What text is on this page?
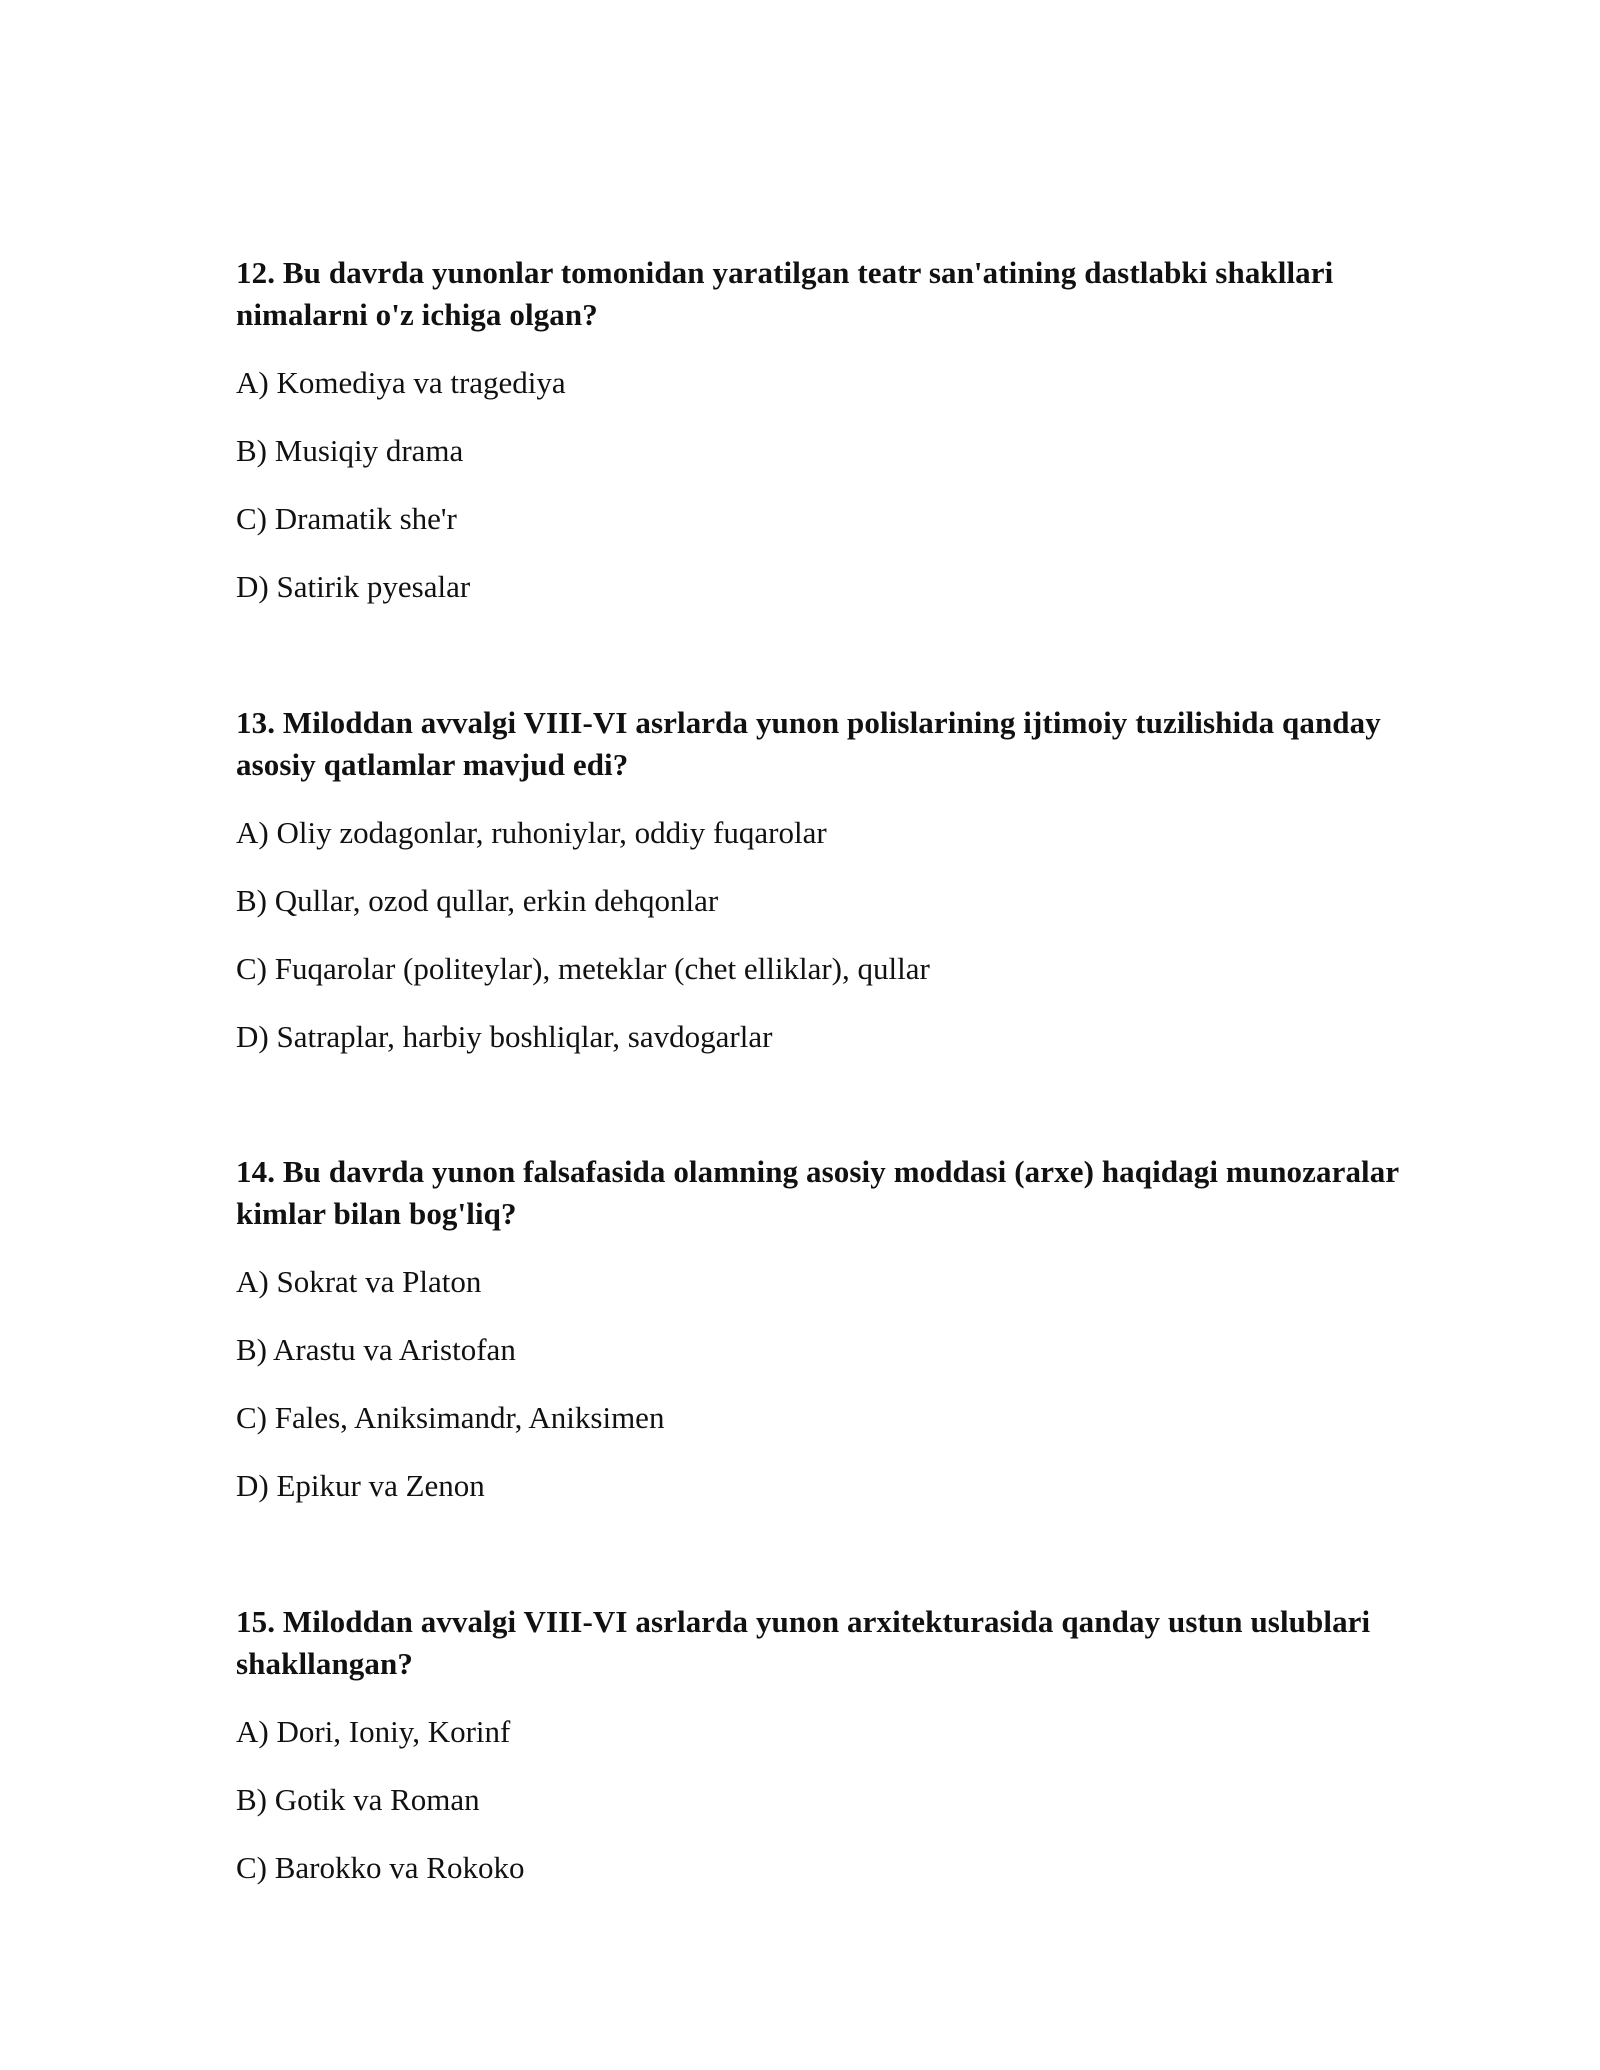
12. Bu davrda yunonlar tomonidan yaratilgan teatr san'atining dastlabki shakllari nimalarni o'z ichiga olgan?

A) Komediya va tragediya
B) Musiqiy drama
C) Dramatik she'r
D) Satirik pyesalar

13. Miloddan avvalgi VIII-VI asrlarda yunon polislarining ijtimoiy tuzilishida qanday asosiy qatlamlar mavjud edi?

A) Oliy zodagonlar, ruhoniylar, oddiy fuqarolar
B) Qullar, ozod qullar, erkin dehqonlar
C) Fuqarolar (politeylar), meteklar (chet elliklar), qullar
D) Satraplar, harbiy boshliqlar, savdogarlar

14. Bu davrda yunon falsafasida olamning asosiy moddasi (arxe) haqidagi munozaralar kimlar bilan bog'liq?

A) Sokrat va Platon
B) Arastu va Aristofan
C) Fales, Aniksimandr, Aniksimen
D) Epikur va Zenon

15. Miloddan avvalgi VIII-VI asrlarda yunon arxitekturasida qanday ustun uslublari shakllangan?

A) Dori, Ioniy, Korinf
B) Gotik va Roman
C) Barokko va Rokoko
